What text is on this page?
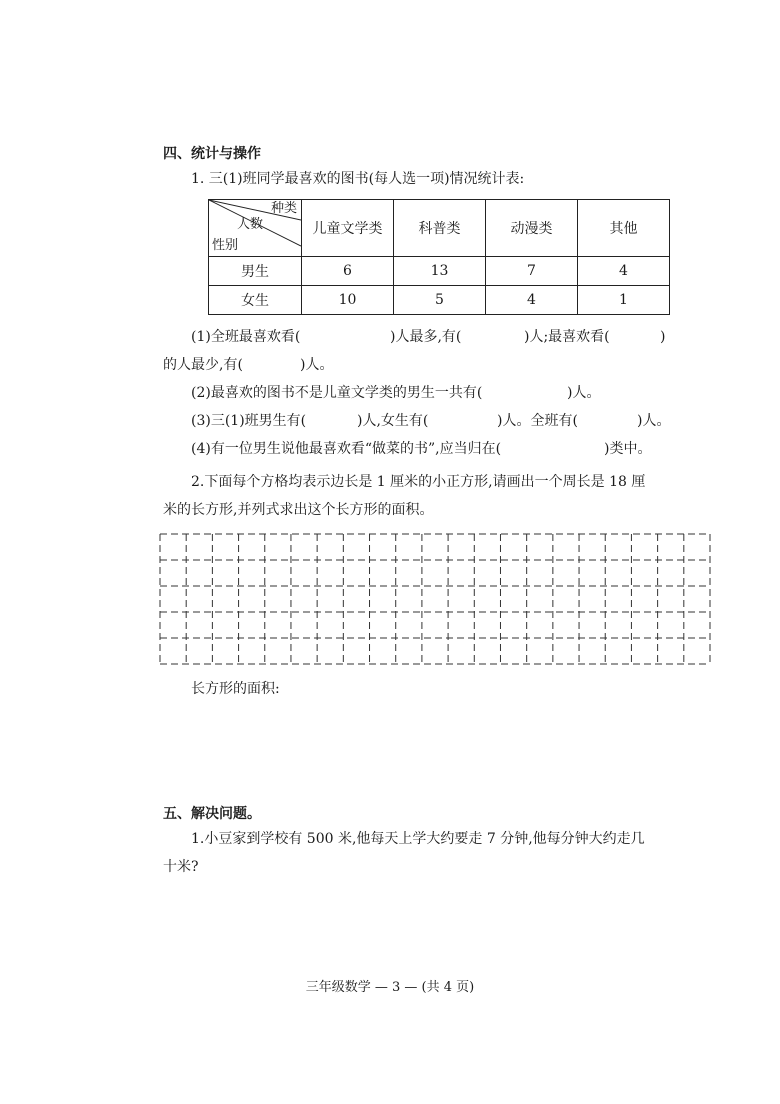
四、统计与操作
1. 三(1)班同学最喜欢的图书(每人选一项)情况统计表:
种类
人数
性别	儿童文学类	科普类	动漫类	其他
男生	6	13	7	4
女生	10	5	4	1
(1)全班最喜欢看(	)人最多,有(	)人;最喜欢看(	)
的人最少,有(	)人。
(2)最喜欢的图书不是儿童文学类的男生一共有(	)人。
(3)三(1)班男生有(	)人,女生有(	)人。全班有(	)人。
(4)有一位男生说他最喜欢看“做菜的书”,应当归在(	)类中。
2.下面每个方格均表示边长是 1 厘米的小正方形,请画出一个周长是 18 厘
米的长方形,并列式求出这个长方形的面积。
长方形的面积:
五、解决问题。
1.小豆家到学校有 500 米,他每天上学大约要走 7 分钟,他每分钟大约走几
十米?
三年级数学 — 3 — (共 4 页)
